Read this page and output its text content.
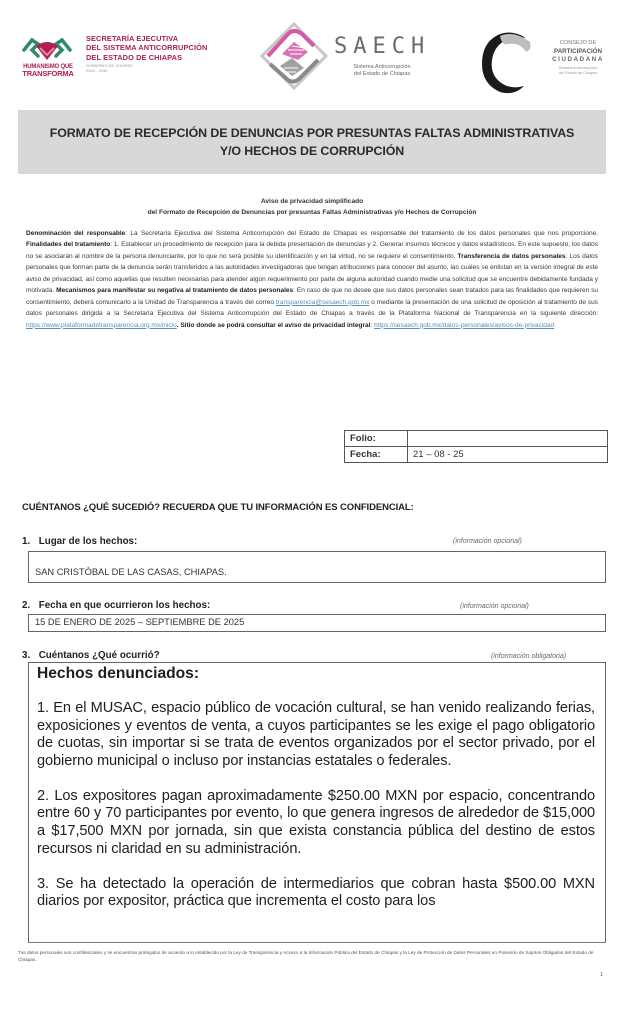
HUMANISMO QUE
TRANSFORMA
SECRETARÍA EJECUTIVA
DEL SISTEMA ANTICORRUPCIÓN
DEL ESTADO DE CHIAPAS
GOBIERNO DE CHIAPAS
2024 - 2030
SAECH
Sistema Anticorrupción
del Estado de Chiapas
CONSEJO DE
PARTICIPACIÓN
CIUDADANA
Sistema Anticorrupción
del Estado de Chiapas
FORMATO DE RECEPCIÓN DE DENUNCIAS POR PRESUNTAS FALTAS ADMINISTRATIVAS
Y/O HECHOS DE CORRUPCIÓN
Aviso de privacidad simplificado
del Formato de Recepción de Denuncias por presuntas Faltas Administrativas y/o Hechos de Corrupción
Denominación del responsable: La Secretaría Ejecutiva del Sistema Anticorrupción del Estado de Chiapas es responsable del tratamiento de los datos personales que nos proporcione. Finalidades del tratamiento: 1. Establecer un procedimiento de recepción para la debida presentación de denuncias y 2. Generar insumos técnicos y datos estadísticos. En este supuesto, los datos no se asociarán al nombre de la persona denunciante, por lo que no será posible su identificación y en tal virtud, no se requiere el consentimiento. Transferencia de datos personales: Los datos personales que forman parte de la denuncia serán transferidos a las autoridades investigadoras que tengan atribuciones para conocer del asunto, las cuales se enlistan en la versión integral de este aviso de privacidad, así como aquellas que resulten necesarias para atender algún requerimiento por parte de alguna autoridad cuando medie una solicitud que se encuentre debidamente fundada y motivada. Mecanismos para manifestar su negativa al tratamiento de datos personales: En caso de que no desee que sus datos personales sean tratados para las finalidades que requieren su consentimiento, deberá comunicarlo a la Unidad de Transparencia a través del correo transparencia@sesaech.gob.mx o mediante la presentación de una solicitud de oposición al tratamiento de sus datos personales dirigida a la Secretaría Ejecutiva del Sistema Anticorrupción del Estado de Chiapas a través de la Plataforma Nacional de Transparencia en la siguiente dirección: https://www.plataformadetransparencia.org.mx/inicio. Sitio donde se podrá consultar el aviso de privacidad integral: https://sesaech.gob.mx/datos-personales/avisos-de-privacidad
Folio:	
Fecha:	21 – 08 - 25
CUÉNTANOS ¿QUÉ SUCEDIÓ? RECUERDA QUE TU INFORMACIÓN ES CONFIDENCIAL:
1. Lugar de los hechos:	(información opcional)
SAN CRISTÓBAL DE LAS CASAS, CHIAPAS.
2. Fecha en que ocurrieron los hechos:	(información opcional)
15 DE ENERO DE 2025 – SEPTIEMBRE DE 2025
3. Cuéntanos ¿Qué ocurrió?	(información obligatoria)
Hechos denunciados:

1. En el MUSAC, espacio público de vocación cultural, se han venido realizando ferias, exposiciones y eventos de venta, a cuyos participantes se les exige el pago obligatorio de cuotas, sin importar si se trata de eventos organizados por el sector privado, por el gobierno municipal o incluso por instancias estatales o federales.

2. Los expositores pagan aproximadamente $250.00 MXN por espacio, concentrando entre 60 y 70 participantes por evento, lo que genera ingresos de alrededor de $15,000 a $17,500 MXN por jornada, sin que exista constancia pública del destino de estos recursos ni claridad en su administración.

3. Se ha detectado la operación de intermediarios que cobran hasta $500.00 MXN diarios por expositor, práctica que incrementa el costo para los

Tus datos personales son confidenciales y se encuentran protegidos de acuerdo a lo establecido por la Ley de Transparencia y Acceso a la Información Pública del Estado de Chiapas y la Ley de Protección de Datos Personales en Posesión de Sujetos Obligados del Estado de Chiapas.
1
